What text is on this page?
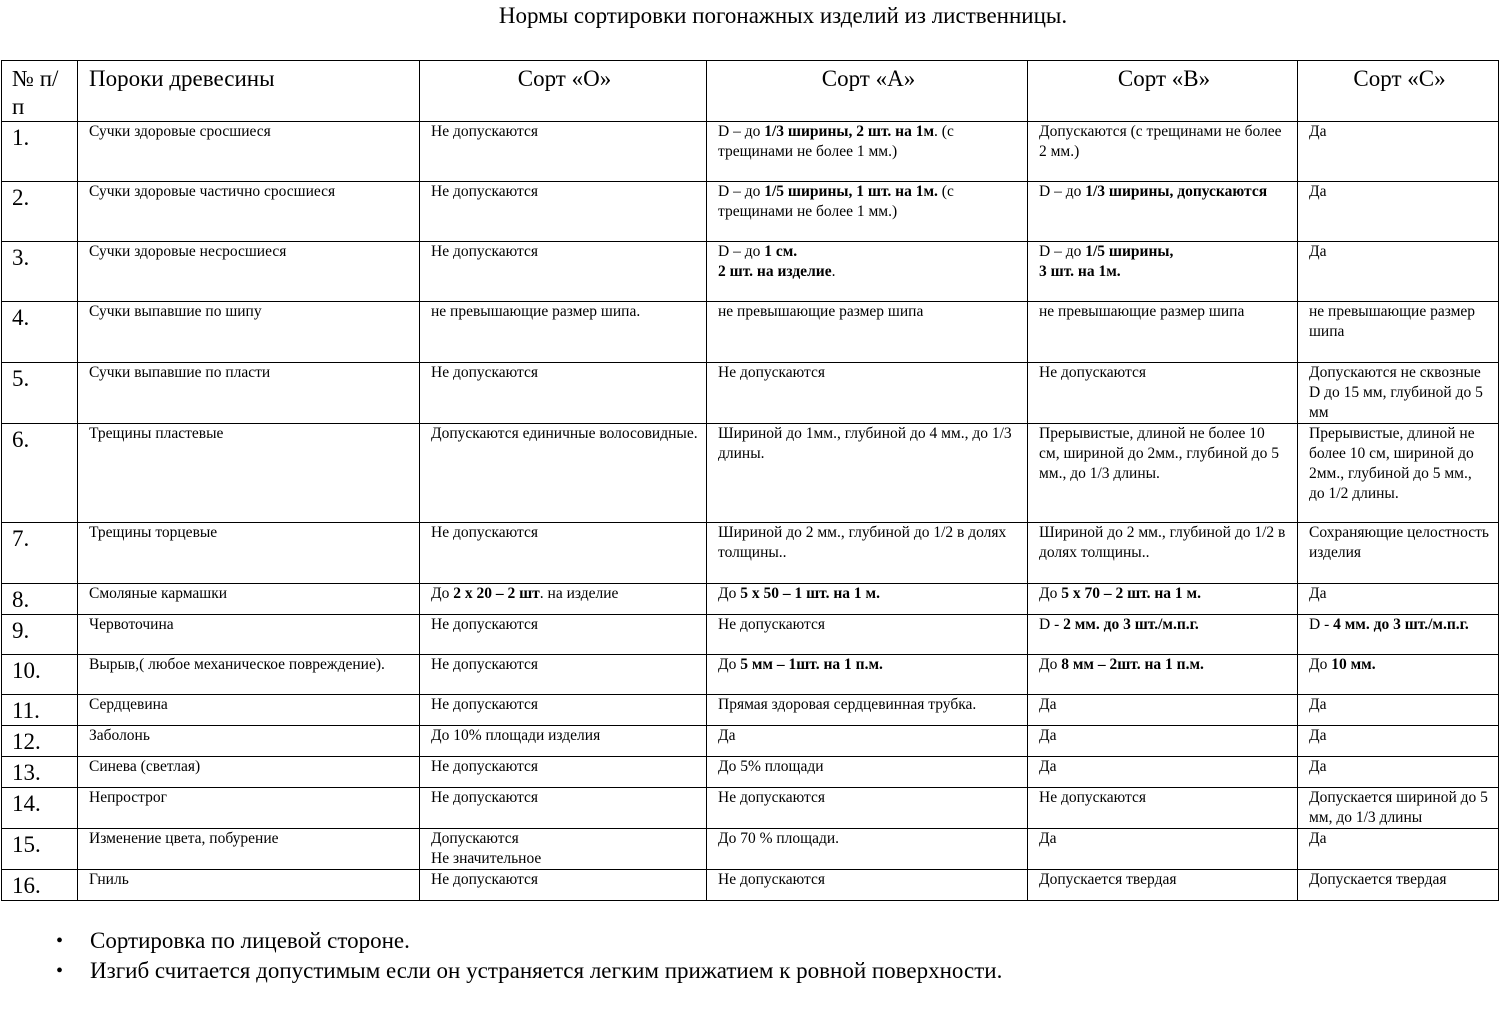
Нормы сортировки погонажных изделий из лиственницы.
№ п/п	Пороки древесины	Сорт «О»	Сорт «А»	Сорт «В»	Сорт «С»
1.	Сучки здоровые сросшиеся	Не допускаются	D – до 1/3 ширины, 2 шт. на 1м. (с трещинами не более 1 мм.)	Допускаются (с трещинами не более 2 мм.)	Да
2.	Сучки здоровые частично сросшиеся	Не допускаются	D – до 1/5 ширины, 1 шт. на 1м. (с трещинами не более 1 мм.)	D – до 1/3 ширины, допускаются	Да
3.	Сучки здоровые несросшиеся	Не допускаются	D – до 1 см.
2 шт. на изделие.	D – до 1/5 ширины,
3 шт. на 1м.	Да
4.	Сучки выпавшие по шипу	не превышающие размер шипа.	не превышающие размер шипа	не превышающие размер шипа	не превышающие размер шипа
5.	Сучки выпавшие по пласти	Не допускаются	Не допускаются	Не допускаются	Допускаются не сквозные D до 15 мм, глубиной до 5 мм
6.	Трещины пластевые	Допускаются единичные волосовидные.	Шириной до 1мм., глубиной до 4 мм., до 1/3 длины.	Прерывистые, длиной не более 10 см, шириной до 2мм., глубиной до 5 мм., до 1/3 длины.	Прерывистые, длиной не более 10 см, шириной до 2мм., глубиной до 5 мм., до 1/2 длины.
7.	Трещины торцевые	Не допускаются	Шириной до 2 мм., глубиной до 1/2 в долях толщины..	Шириной до 2 мм., глубиной до 1/2 в долях толщины..	Сохраняющие целостность
изделия
8.	Смоляные кармашки	До 2 х 20 – 2 шт. на изделие	До 5 х 50 – 1 шт. на 1 м.	До 5 х 70 – 2 шт. на 1 м.	Да
9.	Червоточина	Не допускаются	Не допускаются	D - 2 мм. до 3 шт./м.п.г.	D - 4 мм. до 3 шт./м.п.г.
10.	Вырыв,( любое механическое повреждение).	Не допускаются	До 5 мм – 1шт. на 1 п.м.	До 8 мм – 2шт. на 1 п.м.	До 10 мм.
11.	Сердцевина	Не допускаются	Прямая здоровая сердцевинная трубка.	Да	Да
12.	Заболонь	До 10% площади изделия	Да	Да	Да
13.	Синева (светлая)	Не допускаются	До 5% площади	Да	Да
14.	Непрострог	Не допускаются	Не допускаются	Не допускаются	Допускается шириной до 5 мм, до 1/3 длины
15.	Изменение цвета, побурение	Допускаются
Не значительное	До 70 % площади.	Да	Да
16.	Гниль	Не допускаются	Не допускаются	Допускается твердая	Допускается твердая
• Сортировка по лицевой стороне.
• Изгиб считается допустимым если он устраняется легким прижатием к ровной поверхности.
